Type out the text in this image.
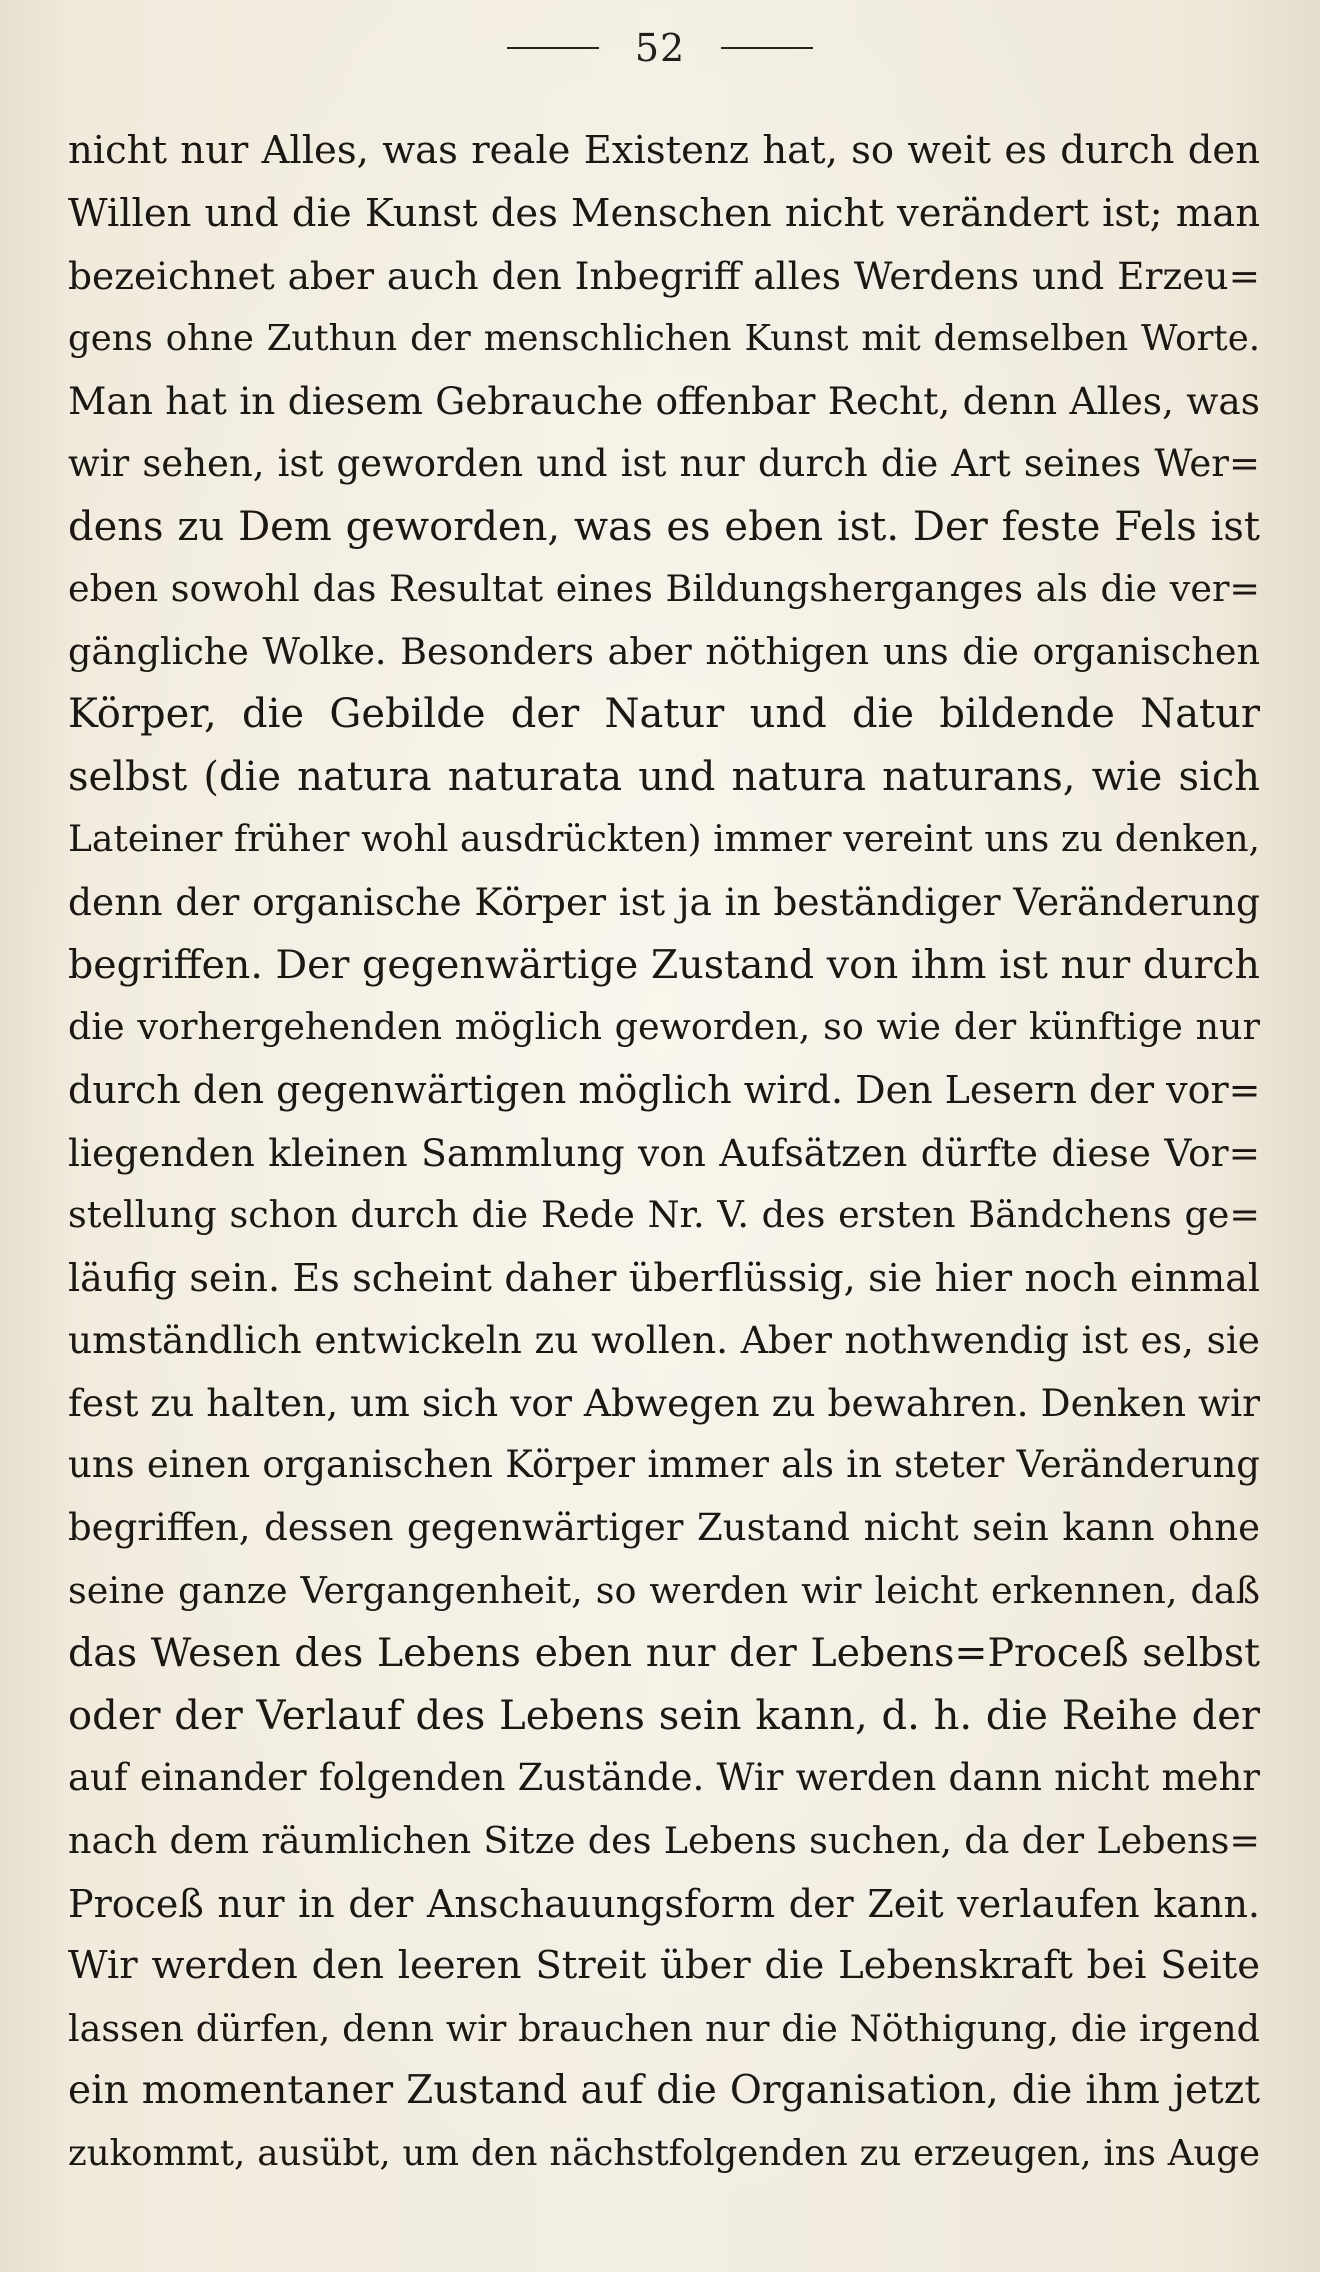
52
nicht nur Alles, was reale Existenz hat, so weit es durch den
Willen und die Kunst des Menschen nicht verändert ist; man
bezeichnet aber auch den Inbegriff alles Werdens und Erzeu=
gens ohne Zuthun der menschlichen Kunst mit demselben Worte.
Man hat in diesem Gebrauche offenbar Recht, denn Alles, was
wir sehen, ist geworden und ist nur durch die Art seines Wer=
dens zu Dem geworden, was es eben ist. Der feste Fels ist
eben sowohl das Resultat eines Bildungsherganges als die ver=
gängliche Wolke. Besonders aber nöthigen uns die organischen
Körper, die Gebilde der Natur und die bildende Natur
selbst (die natura naturata und natura naturans, wie sich
Lateiner früher wohl ausdrückten) immer vereint uns zu denken,
denn der organische Körper ist ja in beständiger Veränderung
begriffen. Der gegenwärtige Zustand von ihm ist nur durch
die vorhergehenden möglich geworden, so wie der künftige nur
durch den gegenwärtigen möglich wird. Den Lesern der vor=
liegenden kleinen Sammlung von Aufsätzen dürfte diese Vor=
stellung schon durch die Rede Nr. V. des ersten Bändchens ge=
läufig sein. Es scheint daher überflüssig, sie hier noch einmal
umständlich entwickeln zu wollen. Aber nothwendig ist es, sie
fest zu halten, um sich vor Abwegen zu bewahren. Denken wir
uns einen organischen Körper immer als in steter Veränderung
begriffen, dessen gegenwärtiger Zustand nicht sein kann ohne
seine ganze Vergangenheit, so werden wir leicht erkennen, daß
das Wesen des Lebens eben nur der Lebens=Proceß selbst
oder der Verlauf des Lebens sein kann, d. h. die Reihe der
auf einander folgenden Zustände. Wir werden dann nicht mehr
nach dem räumlichen Sitze des Lebens suchen, da der Lebens=
Proceß nur in der Anschauungsform der Zeit verlaufen kann.
Wir werden den leeren Streit über die Lebenskraft bei Seite
lassen dürfen, denn wir brauchen nur die Nöthigung, die irgend
ein momentaner Zustand auf die Organisation, die ihm jetzt
zukommt, ausübt, um den nächstfolgenden zu erzeugen, ins Auge
